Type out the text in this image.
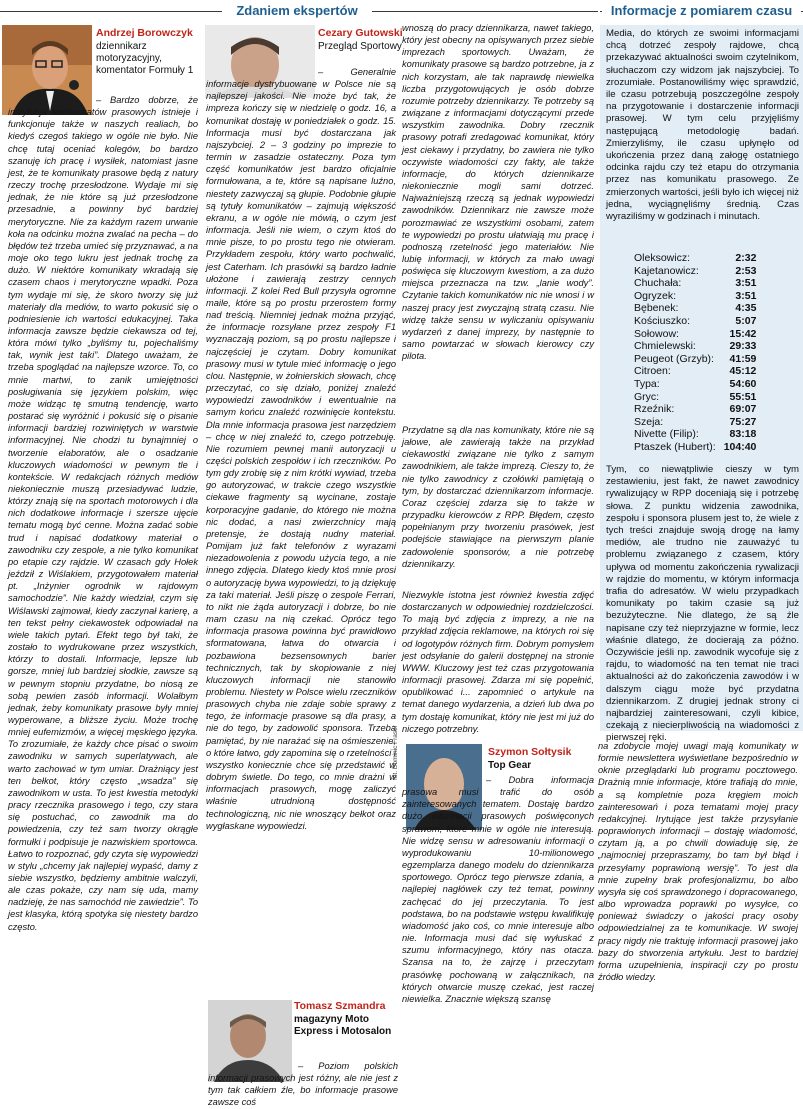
Zdaniem ekspertów	Informacje z pomiarem czasu
Andrzej Borowczyk
dziennikarz motoryzacyjny, komentator Formuły 1

– Bardzo dobrze, że instytucja komunikatów prasowych istnieje i funkcjonuje także w naszych realiach, bo kiedyś czegoś takiego w ogóle nie było. Nie chcę tutaj oceniać kolegów, bo bardzo szanuję ich pracę i wysiłek, natomiast jasne jest, że te komunikaty prasowe będą z natury rzeczy trochę przesłodzone. Wydaje mi się jednak, że nie które są już przesłodzone przesadnie, a powinny być bardziej merytoryczne. Nie za każdym razem urwanie koła na odcinku można zwalać na pecha – do błędów też trzeba umieć się przyznawać, a na moje oko tego lukru jest jednak trochę za dużo. W niektóre komunikaty wkradają się czasem chaos i merytoryczne wpadki. Poza tym wydaje mi się, że skoro tworzy się już materiały dla mediów, to warto pokusić się o podniesienie ich wartości edukacyjnej. Taka informacja zawsze będzie ciekawsza od tej, która mówi tylko „byliśmy tu, pojechaliśmy tak, wynik jest taki”. Dlatego uważam, że trzeba spoglądać na najlepsze wzorce. To, co mnie martwi, to zanik umiejętności posługiwania się językiem polskim, więc może widząc tę smutną tendencję, warto postarać się wyróżnić i pokusić się o pisanie informacji bardziej rozwiniętych w warstwie informacyjnej. Nie chodzi tu bynajmniej o tworzenie elaboratów, ale o osadzanie kluczowych wiadomości w pewnym tle i kontekście. W redakcjach różnych mediów niekoniecznie muszą przesiadywać ludzie, którzy znają się na sportach motorowych i dla nich dodatkowe informacje i szersze ujęcie tematu mogą być cenne. Można zadać sobie trud i napisać dodatkowy materiał o zawodniku czy zespole, a nie tylko komunikat po etapie czy rajdzie. W czasach gdy Hołek jeździł z Wiślakiem, przygotowałem materiał pt. „Inżynier ogrodnik w rajdowym samochodzie”. Nie każdy wiedział, czym się Wiślawski zajmował, kiedy zaczynał karierę, a ten tekst pełny ciekawostek odpowiadał na wiele takich pytań. Efekt tego był taki, że zostało to wydrukowane przez wszystkich, którzy to dostali. Informacje, lepsze lub gorsze, mniej lub bardziej słodkie, zawsze są w pewnym stopniu przydatne, bo niosą ze sobą pewien zasób informacji. Wolałbym jednak, żeby komunikaty prasowe były mniej wyperowane, a bliższe życiu. Może trochę mniej eufemizmów, a więcej męskiego języka. To zrozumiałe, że każdy chce pisać o swoim zawodniku w samych superlatywach, ale warto zachować w tym umiar. Drażniący jest ten bełkot, który często „wsadza” się zawodnikom w usta. To jest kwestia metodyki pracy rzecznika prasowego i tego, czy stara się postuchać, co zawodnik ma do powiedzenia, czy też sam tworzy okrągłe formułki i podpisuje je nazwiskiem sportowca. Łatwo to rozpoznać, gdy czyta się wypowiedzi w stylu „chcemy jak najlepiej wypaść, damy z siebie wszystko, będziemy ambitnie walczyli, ale czas pokaże, czy nam się uda, mamy nadzieję, że nas samochód nie zawiedzie”. To jest klasyka, którą spotyka się niestety bardzo często.

Cezary Gutowski
Przegląd Sportowy

– Generalnie informacje dystrybuowane w Polsce nie są najlepszej jakości. Nie może być tak, że impreza kończy się w niedzielę o godz. 16, a komunikat dostaję w poniedziałek o godz. 15. Informacja musi być dostarczana jak najszybciej. 2 – 3 godziny po imprezie to termin w zasadzie ostateczny. Poza tym część komunikatów jest bardzo oficjalnie formułowana, a te, które są napisane luźno, niestety zazwyczaj są głupie. Podobnie głupie są tytuły komunikatów – zajmują większość ekranu, a w ogóle nie mówią, o czym jest informacja. Jeśli nie wiem, o czym ktoś do mnie pisze, to po prostu tego nie otwieram. Przykładem zespołu, który warto pochwalić, jest Caterham. Ich prasówki są bardzo ładnie ułożone i zawierają zestrzy cennych informacji. Z kolei Red Bull przysyła ogromne maile, które są po prostu przerostem formy nad treścią. Niemniej jednak można przyjąć, że informacje rozsyłane przez zespoły F1 wyznaczają poziom, są po prostu najlepsze i najczęściej je czytam. Dobry komunikat prasowy musi w tytule mieć informację o jego clou. Następnie, w żołnierskich słowach, chcę przeczytać, co się działo, poniżej znaleźć wypowiedzi zawodników i ewentualnie na samym końcu znaleźć rozwinięcie kontekstu. Dla mnie informacja prasowa jest narzędziem – chcę w niej znaleźć to, czego potrzebuję. Nie rozumiem pewnej manii autoryzacji u części polskich zespołów i ich rzeczników. Po tym gdy zrobię się z nim krótki wywiad, trzeba go autoryzować, w trakcie czego wszystkie ciekawe fragmenty są wycinane, zostaje korporacyjne gadanie, do którego nie można nic dodać, a nasi zwierzchnicy mają pretensje, że dostają nudny materiał. Pomijam już fakt telefonów z wyrazami niezadowolenia z powodu użycia tego, a nie innego zdjęcia. Dlatego kiedy ktoś mnie prosi o autoryzację bywa wypowiedzi, to ją dziękuję za taki materiał. Jeśli piszę o zespole Ferrari, to nikt nie żąda autoryzacji i dobrze, bo nie mam czasu na nią czekać. Oprócz tego informacja prasowa powinna być prawidłowo sformatowana, łatwa do otwarcia i pozbawiona bezsensownych barier technicznych, tak by skopiowanie z niej kluczowych informacji nie stanowiło problemu. Niestety w Polsce wielu rzeczników prasowych chyba nie zdaje sobie sprawy z tego, że informacje prasowe są dla prasy, a nie do tego, by zadowolić sponsora. Trzeba pamiętać, by nie narażać się na ośmieszenie, o które łatwo, gdy zapomina się o rzetelności i wszystko koniecznie chce się przedstawić w dobrym świetle. Do tego, co mnie drażni w informacjach prasowych, mogę zaliczyć właśnie utrudnioną dostępność technologiczną, nic nie wnoszący bełkot oraz wygłaskane wypowiedzi.

wnoszą do pracy dziennikarza, nawet takiego, który jest obecny na opisywanych przez siebie imprezach sportowych. Uważam, że komunikaty prasowe są bardzo potrzebne, ja z nich korzystam, ale tak naprawdę niewielka liczba przygotowujących je osób dobrze rozumie potrzeby dziennikarzy. Te potrzeby są związane z informacjami dotyczącymi przede wszystkim zawodnika. Dobry rzecznik prasowy potrafi zredagować komunikat, który jest ciekawy i przydatny, bo zawiera nie tylko oczywiste wiadomości czy fakty, ale także informacje, do których dziennikarze niekoniecznie mogli sami dotrzeć. Najważniejszą rzeczą są jednak wypowiedzi zawodników. Dziennikarz nie zawsze może porozmawiać ze wszystkimi osobami, zatem te wypowiedzi po prostu ułatwiają mu pracę i podnoszą rzetelność jego materiałów. Nie lubię informacji, w których za mało uwagi poświęca się kluczowym kwestiom, a za dużo miejsca przeznacza na tzw. „lanie wody”. Czytanie takich komunikatów nic nie wnosi i w naszej pracy jest zwyczajną stratą czasu. Nie widzę także sensu w wyliczaniu opisywaniu wydarzeń z danej imprezy, by następnie to samo powtarzać w słowach kierowcy czy pilota.

Przydatne są dla nas komunikaty, które nie są jałowe, ale zawierają także na przykład ciekawostki związane nie tylko z samym zawodnikiem, ale także imprezą. Cieszy to, że nie tylko zawodnicy z czołówki pamiętają o tym, by dostarczać dziennikarzom informacje. Coraz częściej zdarza się to także w przypadku kierowców z RPP. Błędem, często popełnianym przy tworzeniu prasówek, jest podejście stawiające na pierwszym planie zadowolenie sponsorów, a nie potrzebę dziennikarzy.

Niezwykle istotna jest również kwestia zdjęć dostarczanych w odpowiedniej rozdzielczości. To mają być zdjęcia z imprezy, a nie na przykład zdjęcia reklamowe, na których roi się od logotypów różnych firm. Dobrym pomysłem jest odsyłanie do galerii dostępnej na stronie WWW. Kluczowy jest też czas przygotowania informacji prasowej. Zdarza mi się popełnić, opublikować i... zapomnieć o artykule na temat danego wydarzenia, a dzień lub dwa po tym dostaję komunikat, który nie jest mi już do niczego potrzebny.

Tomasz Szmandra
magazyny Moto Express i Motosalon

– Poziom polskich informacji prasowych jest różny, ale nie jest z tym tak całkiem źle, bo informacje prasowe zawsze coś

fot. Dominic Fraser	Szymon Sołtysik
Top Gear

– Dobra informacja prasowa musi trafić do osób zainteresowanych tematem. Dostaję bardzo dużo informacji prasowych poświęconych sprawom, które mnie w ogóle nie interesują. Nie widzę sensu w adresowaniu informacji o wyprodukowaniu 10-milionowego egzemplarza danego modelu do dziennikarza sportowego. Oprócz tego pierwsze zdania, a najlepiej nagłówek czy też temat, powinny zachęcać do jej przeczytania. To jest podstawa, bo na podstawie wstępu kwalifikuję wiadomość jako coś, co mnie interesuje albo nie. Informacja musi dać się wyłuskać z szumu informacyjnego, który nas otacza. Szansa na to, że zajrzę i przeczytam prasówkę pochowaną w załącznikach, na których otwarcie muszę czekać, jest raczej niewielka. Znacznie większą szansę

na zdobycie mojej uwagi mają komunikaty w formie newslettera wyświetlane bezpośrednio w oknie przeglądarki lub programu pocztowego. Drażnią mnie informacje, które trafiają do mnie, a są kompletnie poza kręgiem moich zainteresowań i poza tematami mojej pracy redakcyjnej. Irytujące jest także przysyłanie poprawionych informacji – dostaję wiadomość, czytam ją, a po chwili dowiaduję się, że „najmocniej przepraszamy, bo tam był błąd i przesyłamy poprawioną wersję”. To jest dla mnie zupełny brak profesjonalizmu, bo albo wysyła się coś sprawdzonego i dopracowanego, albo wprowadza poprawki po wysyłce, co ponieważ świadczy o jakości pracy osoby odpowiedzialnej za te komunikacje. W swojej pracy nigdy nie traktuję informacji prasowej jako bazy do stworzenia artykułu. Jest to bardziej forma uzupełnienia, inspiracji czy po prostu źródło wiedzy.

Media, do których ze swoimi informacjami chcą dotrzeć zespoły rajdowe, chcą przekazywać aktualności swoim czytelnikom, słuchaczom czy widzom jak najszybciej. To zrozumiałe. Postanowiliśmy więc sprawdzić, ile czasu potrzebują poszczególne zespoły na przygotowanie i dostarczenie informacji prasowej. W tym celu przyjęliśmy następującą metodologię badań. Zmierzyliśmy, ile czasu upłynęło od ukończenia przez daną załogę ostatniego odcinka rajdu czy też etapu do otrzymania przez nas komunikatu prasowego. Ze zmierzonych wartości, jeśli było ich więcej niż jedna, wyciągnęliśmy średnią. Czas wyraziliśmy w godzinach i minutach.

Oleksowicz:	2:32
Kajetanowicz:	2:53
Chuchała:	3:51
Ogryzek:	3:51
Bębenek:	4:35
Kościuszko:	5:07
Sołowow:	15:42
Chmielewski:	29:33
Peugeot (Grzyb):	41:59
Citroen:	45:12
Typa:	54:60
Gryc:	55:51
Rzeźnik:	69:07
Szeja:	75:27
Nivette (Filip):	83:18
Ptaszek (Hubert):	104:40

Tym, co niewątpliwie cieszy w tym zestawieniu, jest fakt, że nawet zawodnicy rywalizujący w RPP doceniają się i potrzebę słowa. Z punktu widzenia zawodnika, zespołu i sponsora plusem jest to, że wiele z tych treści znajduje swoją drogę na łamy mediów, ale trudno nie zauważyć tu problemu związanego z czasem, który upływa od momentu zakończenia rywalizacji w rajdzie do momentu, w którym informacja trafia do adresatów. W wielu przypadkach komunikaty po takim czasie są już bezużyteczne. Nie dlatego, że są źle napisane czy też nieprzyjazne w formie, lecz właśnie dlatego, że docierają za późno. Oczywiście jeśli np. zawodnik wycofuje się z rajdu, to wiadomość na ten temat nie traci aktualności aż do zakończenia zawodów i w dalszym ciągu może być przydatna dziennikarzom. Z drugiej jednak strony ci najbardziej zainteresowani, czyli kibice, czekają z niecierpliwością na wiadomości z pierwszej ręki.
